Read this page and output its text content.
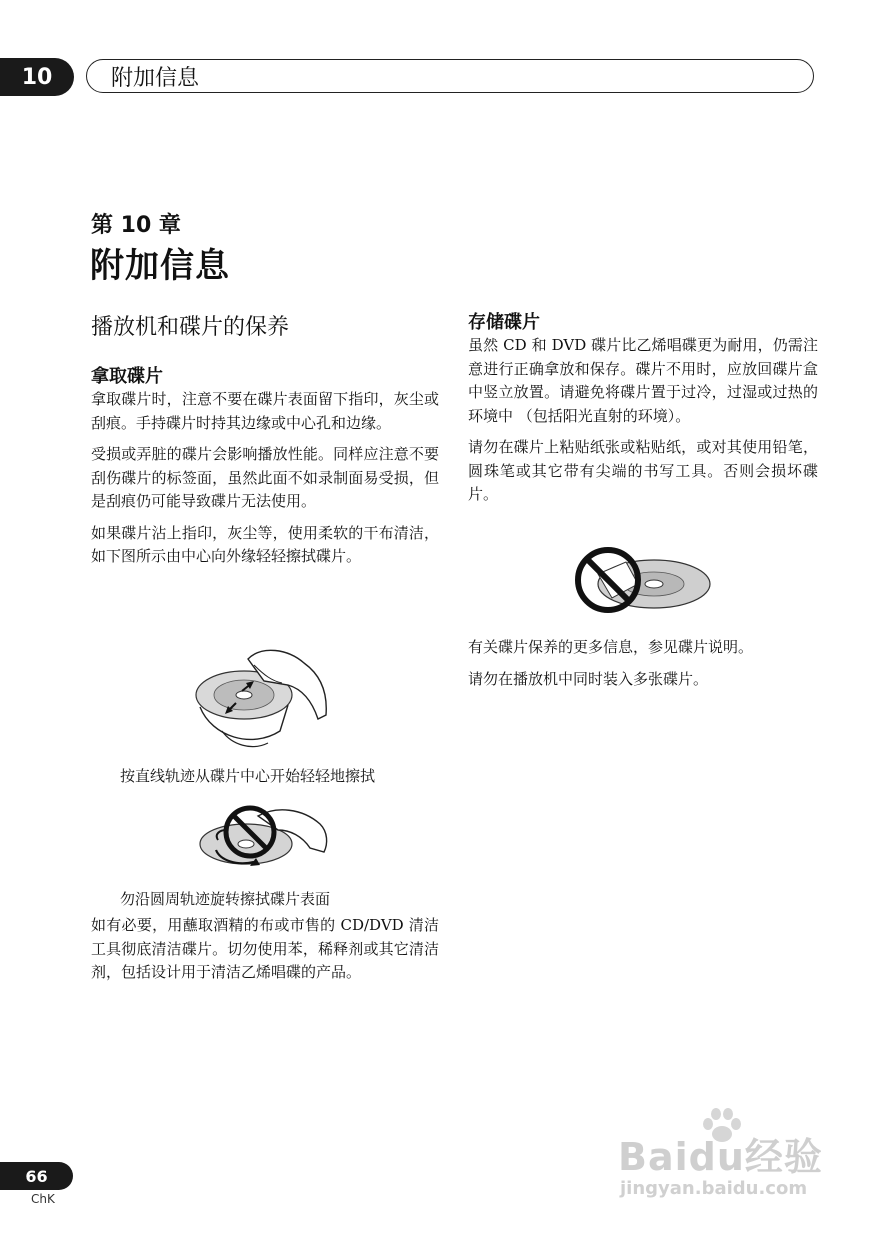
10	附加信息
第 10 章
附加信息
播放机和碟片的保养
拿取碟片

拿取碟片时，注意不要在碟片表面留下指印，灰尘或刮痕。手持碟片时持其边缘或中心孔和边缘。

受损或弄脏的碟片会影响播放性能。同样应注意不要刮伤碟片的标签面，虽然此面不如录制面易受损，但是刮痕仍可能导致碟片无法使用。

如果碟片沾上指印，灰尘等，使用柔软的干布清洁，如下图所示由中心向外缘轻轻擦拭碟片。

按直线轨迹从碟片中心开始轻轻地擦拭
勿沿圆周轨迹旋转擦拭碟片表面

如有必要，用蘸取酒精的布或市售的 CD/DVD 清洁工具彻底清洁碟片。切勿使用苯，稀释剂或其它清洁剂，包括设计用于清洁乙烯唱碟的产品。

存储碟片

虽然 CD 和 DVD 碟片比乙烯唱碟更为耐用，仍需注意进行正确拿放和保存。碟片不用时，应放回碟片盒中竖立放置。请避免将碟片置于过冷，过湿或过热的环境中 （包括阳光直射的环境）。

请勿在碟片上粘贴纸张或粘贴纸，或对其使用铅笔，圆珠笔或其它带有尖端的书写工具。否则会损坏碟片。

有关碟片保养的更多信息，参见碟片说明。

请勿在播放机中同时装入多张碟片。

66
ChK
Baidu经验
jingyan.baidu.com
